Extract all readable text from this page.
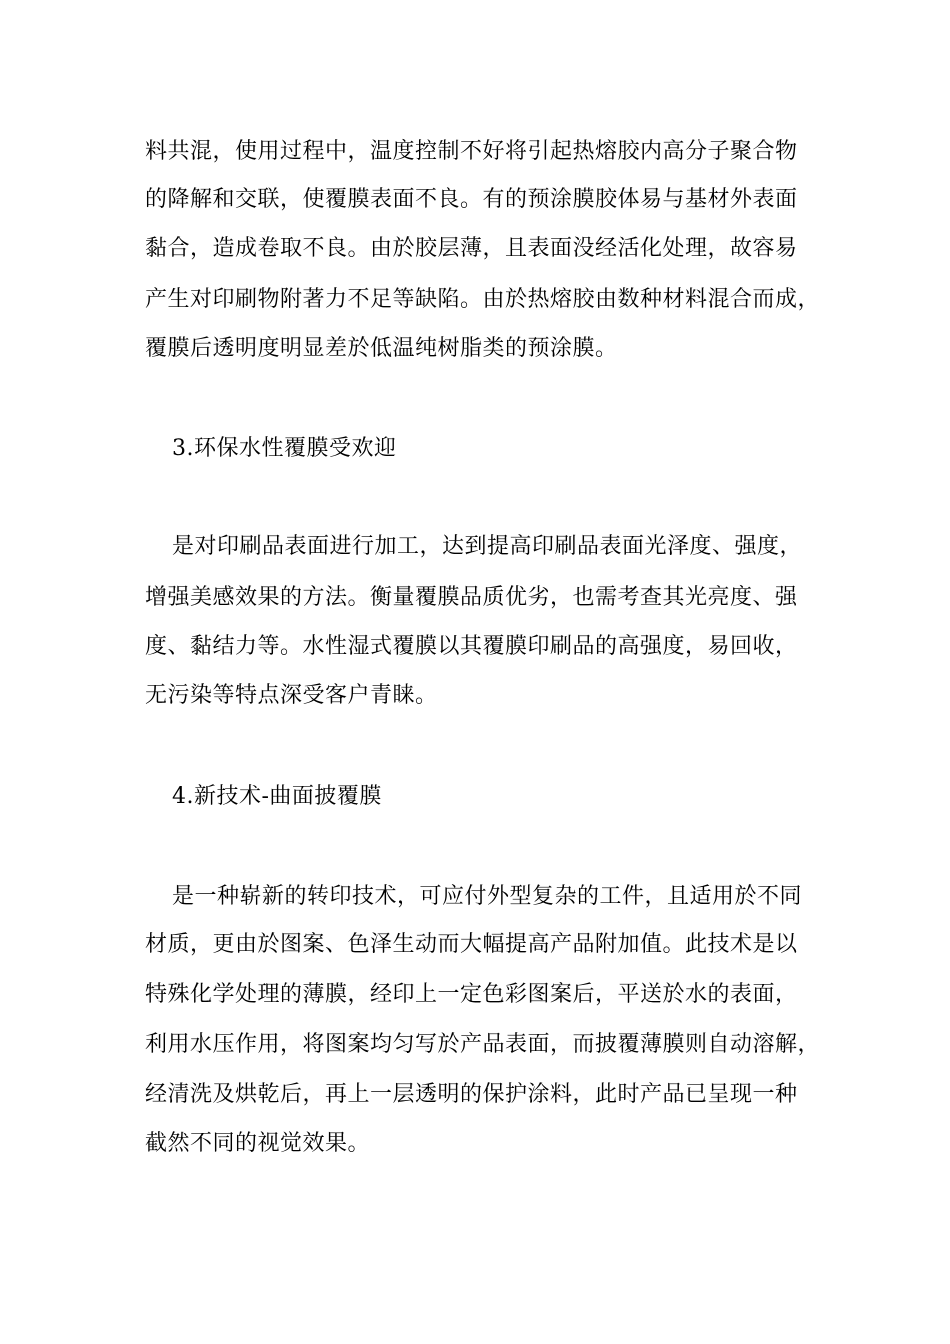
料共混，使用过程中，温度控制不好将引起热熔胶内高分子聚合物
的降解和交联，使覆膜表面不良。有的预涂膜胶体易与基材外表面
黏合，造成卷取不良。由於胶层薄，且表面没经活化处理，故容易
产生对印刷物附著力不足等缺陷。由於热熔胶由数种材料混合而成，
覆膜后透明度明显差於低温纯树脂类的预涂膜。
3.环保水性覆膜受欢迎
是对印刷品表面进行加工，达到提高印刷品表面光泽度、强度，
增强美感效果的方法。衡量覆膜品质优劣，也需考查其光亮度、强
度、黏结力等。水性湿式覆膜以其覆膜印刷品的高强度，易回收，
无污染等特点深受客户青睐。
4.新技术-曲面披覆膜
是一种崭新的转印技术，可应付外型复杂的工件，且适用於不同
材质，更由於图案、色泽生动而大幅提高产品附加值。此技术是以
特殊化学处理的薄膜，经印上一定色彩图案后，平送於水的表面，
利用水压作用，将图案均匀写於产品表面，而披覆薄膜则自动溶解，
经清洗及烘乾后，再上一层透明的保护涂料，此时产品已呈现一种
截然不同的视觉效果。
